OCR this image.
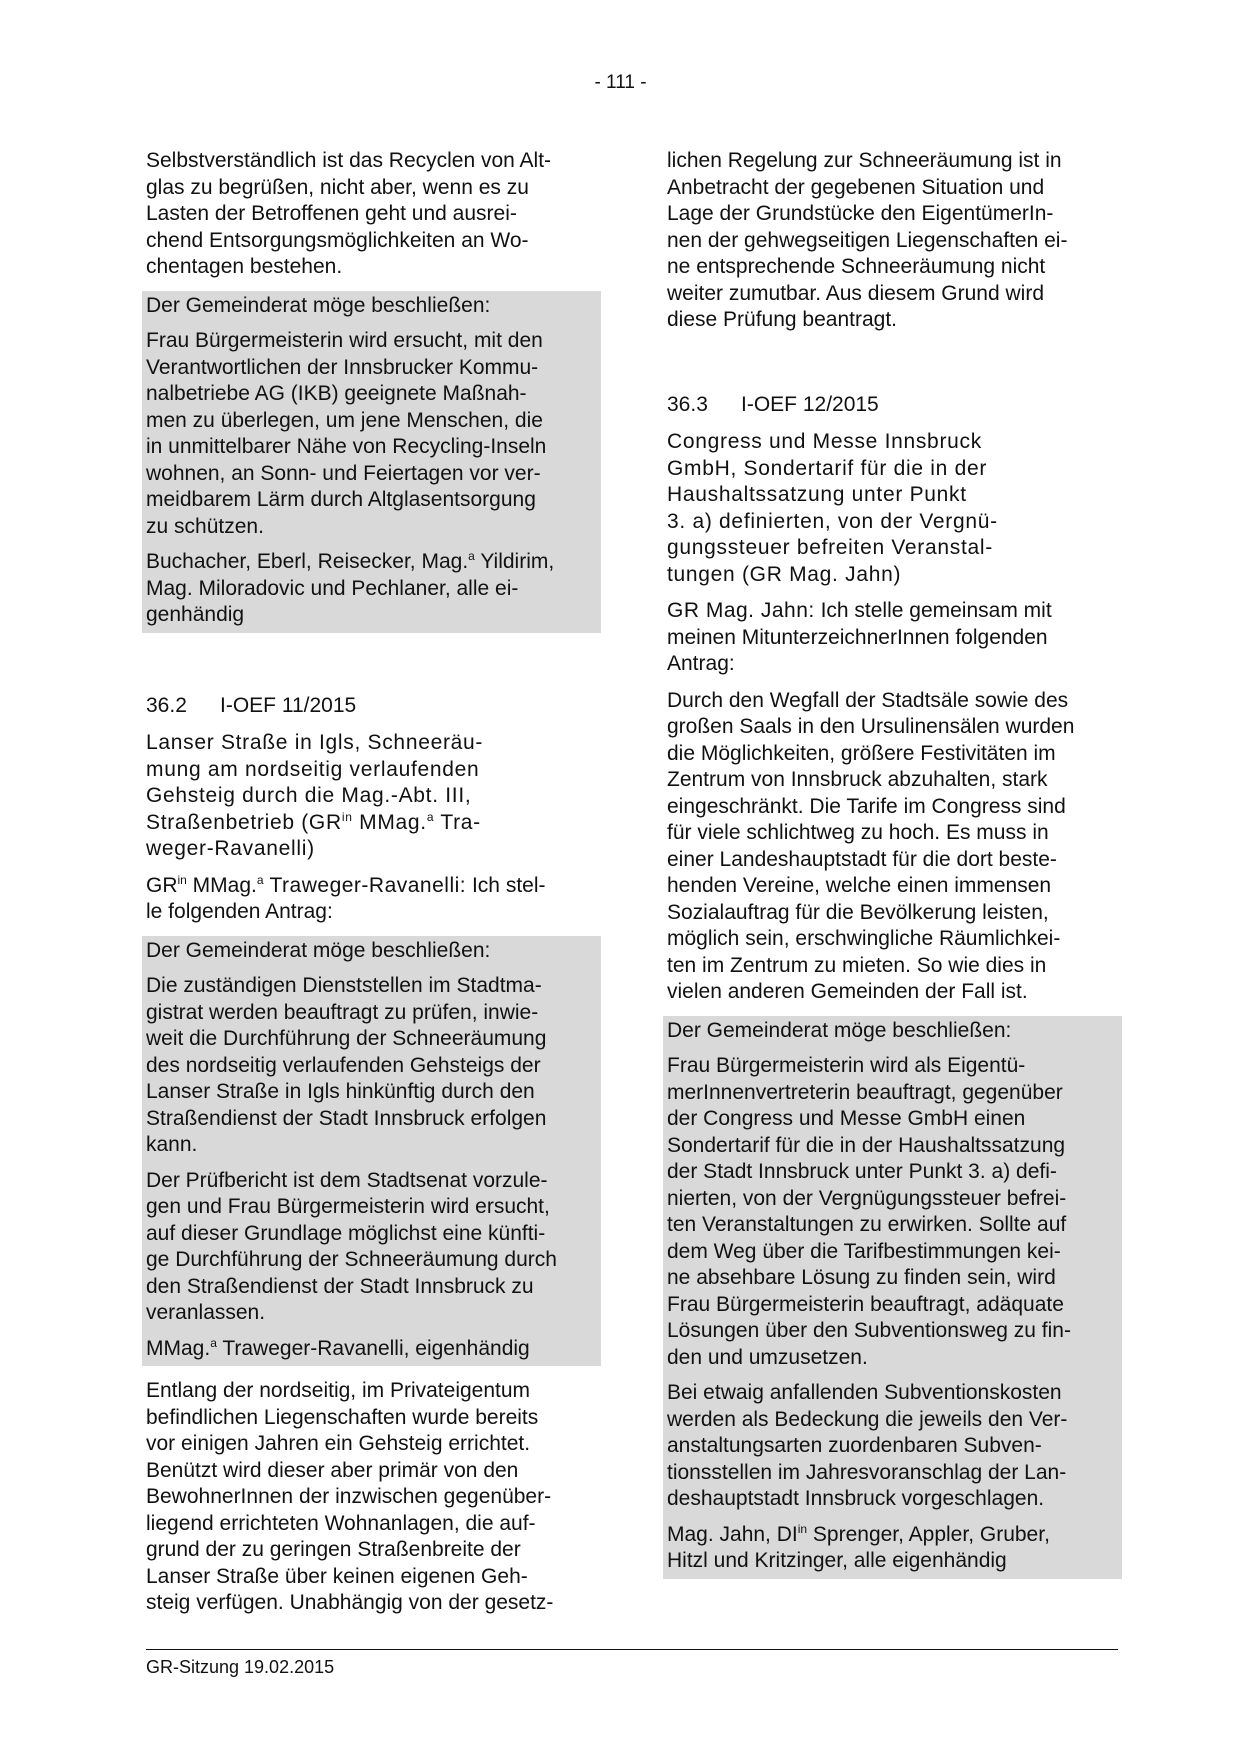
- 111 -

Selbstverständlich ist das Recyclen von Alt-
glas zu begrüßen, nicht aber, wenn es zu
Lasten der Betroffenen geht und ausrei-
chend Entsorgungsmöglichkeiten an Wo-
chentagen bestehen.

Der Gemeinderat möge beschließen:

Frau Bürgermeisterin wird ersucht, mit den
Verantwortlichen der Innsbrucker Kommu-
nalbetriebe AG (IKB) geeignete Maßnah-
men zu überlegen, um jene Menschen, die
in unmittelbarer Nähe von Recycling-Inseln
wohnen, an Sonn- und Feiertagen vor ver-
meidbarem Lärm durch Altglasentsorgung
zu schützen.

Buchacher, Eberl, Reisecker, Mag.$^a$ Yildirim,
Mag. Miloradovic und Pechlaner, alle ei-
genhändig

36.2	I-OEF 11/2015

Lanser Straße in Igls, Schneeräu-
mung am nordseitig verlaufenden
Gehsteig durch die Mag.-Abt. III,
Straßenbetrieb ($GR^{in}$ MMag.$^a$ Tra-
weger-Ravanelli)

$GR^{in}$ MMag.$^a$ Traweger-Ravanelli: Ich stel-
le folgenden Antrag:

Der Gemeinderat möge beschließen:

Die zuständigen Dienststellen im Stadtma-
gistrat werden beauftragt zu prüfen, inwie-
weit die Durchführung der Schneeräumung
des nordseitig verlaufenden Gehsteigs der
Lanser Straße in Igls hinkünftig durch den
Straßendienst der Stadt Innsbruck erfolgen
kann.

Der Prüfbericht ist dem Stadtsenat vorzule-
gen und Frau Bürgermeisterin wird ersucht,
auf dieser Grundlage möglichst eine künfti-
ge Durchführung der Schneeräumung durch
den Straßendienst der Stadt Innsbruck zu
veranlassen.

MMag.$^a$ Traweger-Ravanelli, eigenhändig

Entlang der nordseitig, im Privateigentum
befindlichen Liegenschaften wurde bereits
vor einigen Jahren ein Gehsteig errichtet.
Benützt wird dieser aber primär von den
BewohnerInnen der inzwischen gegenüber-
liegend errichteten Wohnanlagen, die auf-
grund der zu geringen Straßenbreite der
Lanser Straße über keinen eigenen Geh-
steig verfügen. Unabhängig von der gesetz-

lichen Regelung zur Schneeräumung ist in
Anbetracht der gegebenen Situation und
Lage der Grundstücke den EigentümerIn-
nen der gehwegseitigen Liegenschaften ei-
ne entsprechende Schneeräumung nicht
weiter zumutbar. Aus diesem Grund wird
diese Prüfung beantragt.

36.3	I-OEF 12/2015

Congress und Messe Innsbruck
GmbH, Sondertarif für die in der
Haushaltssatzung unter Punkt
3. a) definierten, von der Vergnü-
gungssteuer befreiten Veranstal-
tungen (GR Mag. Jahn)

GR Mag. Jahn: Ich stelle gemeinsam mit
meinen MitunterzeichnerInnen folgenden
Antrag:

Durch den Wegfall der Stadtsäle sowie des
großen Saals in den Ursulinensälen wurden
die Möglichkeiten, größere Festivitäten im
Zentrum von Innsbruck abzuhalten, stark
eingeschränkt. Die Tarife im Congress sind
für viele schlichtweg zu hoch. Es muss in
einer Landeshauptstadt für die dort beste-
henden Vereine, welche einen immensen
Sozialauftrag für die Bevölkerung leisten,
möglich sein, erschwingliche Räumlichkei-
ten im Zentrum zu mieten. So wie dies in
vielen anderen Gemeinden der Fall ist.

Der Gemeinderat möge beschließen:

Frau Bürgermeisterin wird als Eigentü-
merInnenvertreterin beauftragt, gegenüber
der Congress und Messe GmbH einen
Sondertarif für die in der Haushaltssatzung
der Stadt Innsbruck unter Punkt 3. a) defi-
nierten, von der Vergnügungssteuer befrei-
ten Veranstaltungen zu erwirken. Sollte auf
dem Weg über die Tarifbestimmungen kei-
ne absehbare Lösung zu finden sein, wird
Frau Bürgermeisterin beauftragt, adäquate
Lösungen über den Subventionsweg zu fin-
den und umzusetzen.

Bei etwaig anfallenden Subventionskosten
werden als Bedeckung die jeweils den Ver-
anstaltungsarten zuordenbaren Subven-
tionsstellen im Jahresvoranschlag der Lan-
deshauptstadt Innsbruck vorgeschlagen.

Mag. Jahn, $DI^{in}$ Sprenger, Appler, Gruber,
Hitzl und Kritzinger, alle eigenhändig

GR-Sitzung 19.02.2015
